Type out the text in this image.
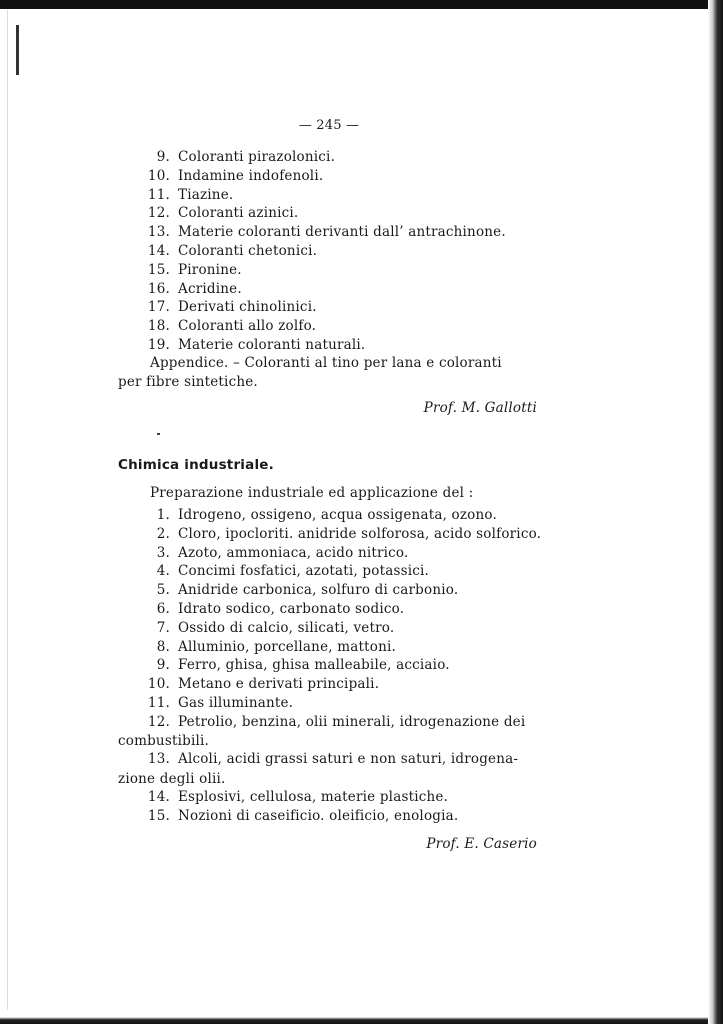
— 245 —
9. Coloranti pirazolonici.
10. Indamine indofenoli.
11. Tiazine.
12. Coloranti azinici.
13. Materie coloranti derivanti dall’ antrachinone.
14. Coloranti chetonici.
15. Pironine.
16. Acridine.
17. Derivati chinolinici.
18. Coloranti allo zolfo.
19. Materie coloranti naturali.
Appendice. – Coloranti al tino per lana e coloranti
per fibre sintetiche.
Prof. M. Gallotti
Chimica industriale.
Preparazione industriale ed applicazione del :
1. Idrogeno, ossigeno, acqua ossigenata, ozono.
2. Cloro, ipocloriti. anidride solforosa, acido solforico.
3. Azoto, ammoniaca, acido nitrico.
4. Concimi fosfatici, azotati, potassici.
5. Anidride carbonica, solfuro di carbonio.
6. Idrato sodico, carbonato sodico.
7. Ossido di calcio, silicati, vetro.
8. Alluminio, porcellane, mattoni.
9. Ferro, ghisa, ghisa malleabile, acciaio.
10. Metano e derivati principali.
11. Gas illuminante.
12. Petrolio, benzina, olii minerali, idrogenazione dei
13. Alcoli, acidi grassi saturi e non saturi, idrogena-
14. Esplosivi, cellulosa, materie plastiche.
15. Nozioni di caseificio. oleificio, enologia.
combustibili.
zione degli olii.
Prof. E. Caserio
